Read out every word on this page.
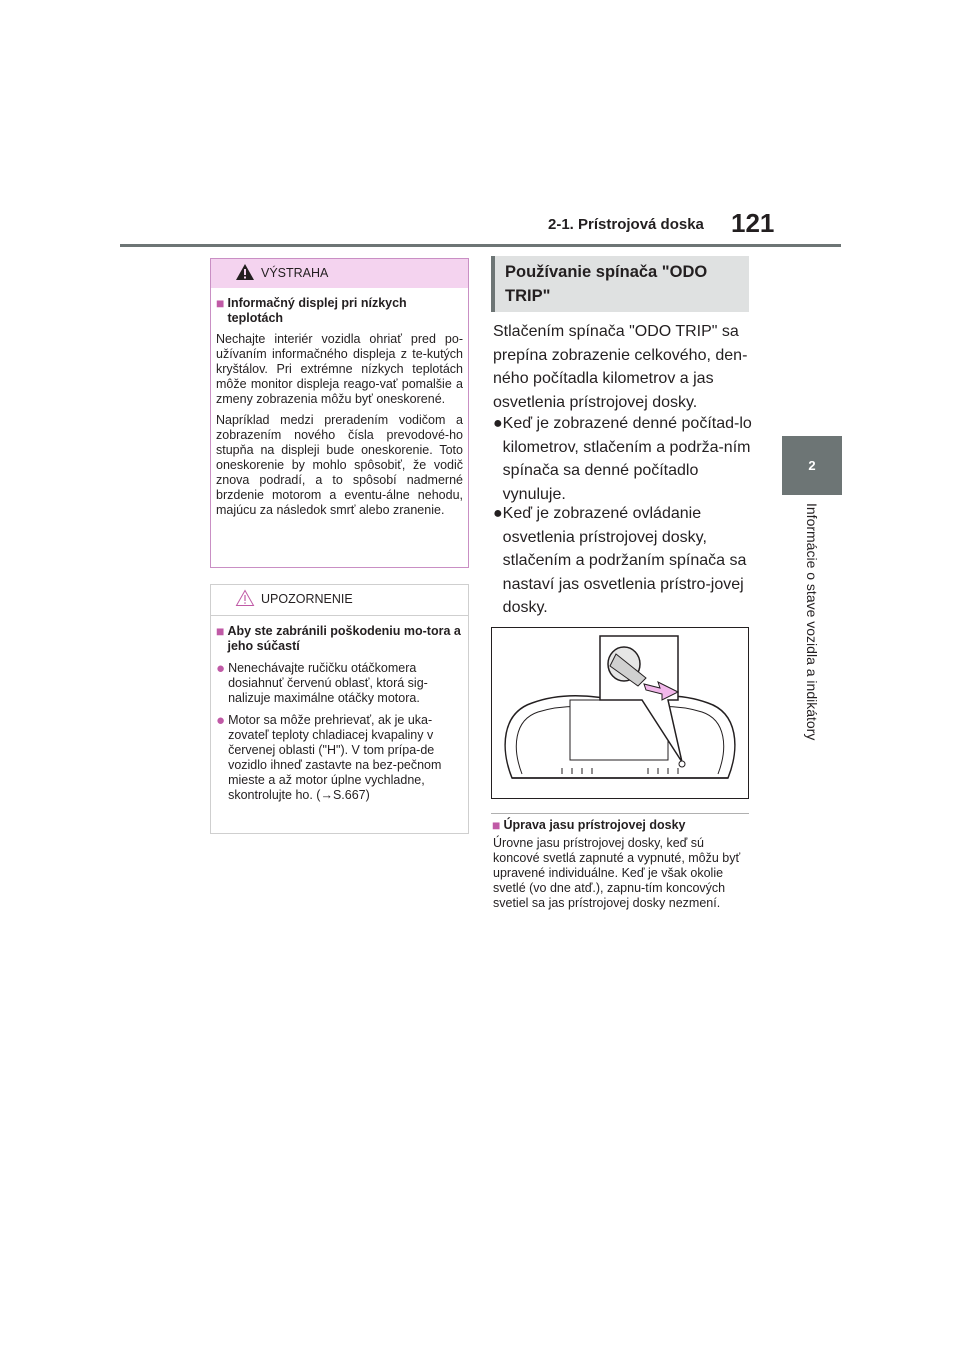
2-1. Prístrojová doska 121
2
Informácie o stave vozidla a indikátory
VÝSTRAHA
■ Informačný displej pri nízkych
teplotách
Nechajte interiér vozidla ohriať pred po-užívaním informačného displeja z te-kutých kryštálov. Pri extrémne nízkych teplotách môže monitor displeja reago-vať pomalšie a zmeny zobrazenia môžu byť oneskorené.
Napríklad medzi preradením vodičom a zobrazením nového čísla prevodové-ho stupňa na displeji bude oneskorenie. Toto oneskorenie by mohlo spôsobiť, že vodič znova podradí, a to spôsobí nadmerné brzdenie motorom a eventu-álne nehodu, majúcu za následok smrť alebo zranenie.
UPOZORNENIE
■ Aby ste zabránili poškodeniu mo-tora a jeho súčastí
● Nenechávajte ručičku otáčkomera dosiahnuť červenú oblasť, ktorá sig-nalizuje maximálne otáčky motora.
● Motor sa môže prehrievať, ak je uka-zovateľ teploty chladiacej kvapaliny v červenej oblasti ("H"). V tom prípa-de vozidlo ihneď zastavte na bez-pečnom mieste a až motor úplne vychladne, skontrolujte ho. (→S.667)
Používanie spínača "ODO TRIP"
Stlačením spínača "ODO TRIP" sa prepína zobrazenie celkového, den-ného počítadla kilometrov a jas osvetlenia prístrojovej dosky.
● Keď je zobrazené denné počítad-lo kilometrov, stlačením a podrža-ním spínača sa denné počítadlo vynuluje.
● Keď je zobrazené ovládanie osvetlenia prístrojovej dosky, stlačením a podržaním spínača sa nastaví jas osvetlenia prístro-jovej dosky.
■ Úprava jasu prístrojovej dosky
Úrovne jasu prístrojovej dosky, keď sú koncové svetlá zapnuté a vypnuté, môžu byť upravené individuálne. Keď je však okolie svetlé (vo dne atď.), zapnu-tím koncových svetiel sa jas prístrojovej dosky nezmení.
